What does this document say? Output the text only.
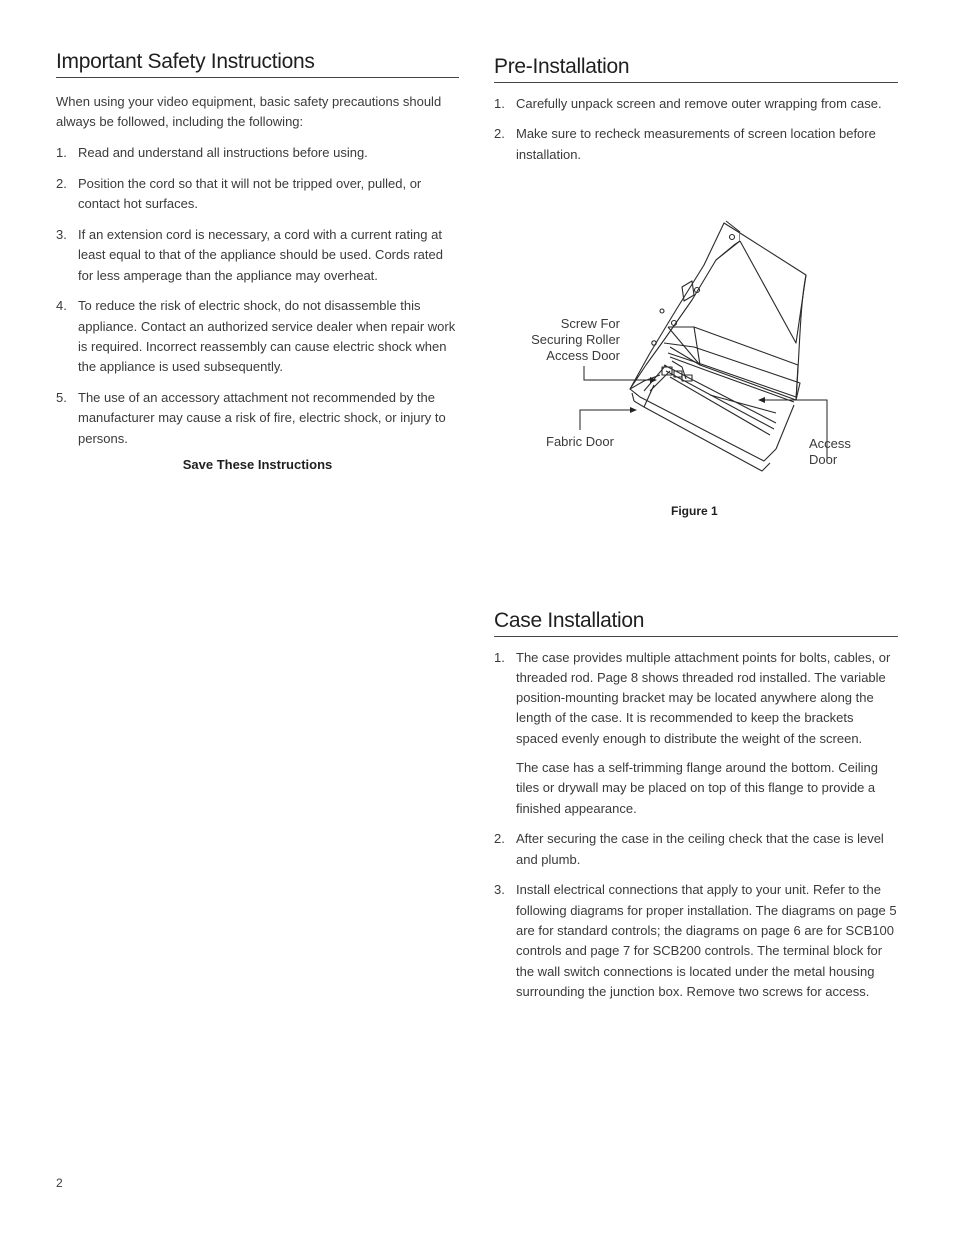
Important Safety Instructions

When using your video equipment, basic safety precautions should always be followed, including the following:

1. Read and understand all instructions before using.
2. Position the cord so that it will not be tripped over, pulled, or contact hot surfaces.
3. If an extension cord is necessary, a cord with a current rating at least equal to that of the appliance should be used. Cords rated for less amperage than the appliance may overheat.
4. To reduce the risk of electric shock, do not disassemble this appliance. Contact an authorized service dealer when repair work is required. Incorrect reassembly can cause electric shock when the appliance is used subsequently.
5. The use of an accessory attachment not recommended by the manufacturer may cause a risk of fire, electric shock, or injury to persons.
Save These Instructions
Pre-Installation
1. Carefully unpack screen and remove outer wrapping from case.
2. Make sure to recheck measurements of screen location before installation.
Screw For
Securing Roller
Access Door
Fabric Door	Access
Door
Figure 1
Case Installation
1. The case provides multiple attachment points for bolts, cables, or threaded rod. Page 8 shows threaded rod installed. The variable position-mounting bracket may be located anywhere along the length of the case. It is recommended to keep the brackets spaced evenly enough to distribute the weight of the screen.

The case has a self-trimming flange around the bottom. Ceiling tiles or drywall may be placed on top of this flange to provide a finished appearance.

2. After securing the case in the ceiling check that the case is level and plumb.
3. Install electrical connections that apply to your unit. Refer to the following diagrams for proper installation. The diagrams on page 5 are for standard controls; the diagrams on page 6 are for SCB100 controls and page 7 for SCB200 controls. The terminal block for the wall switch connections is located under the metal housing surrounding the junction box. Remove two screws for access.
2
